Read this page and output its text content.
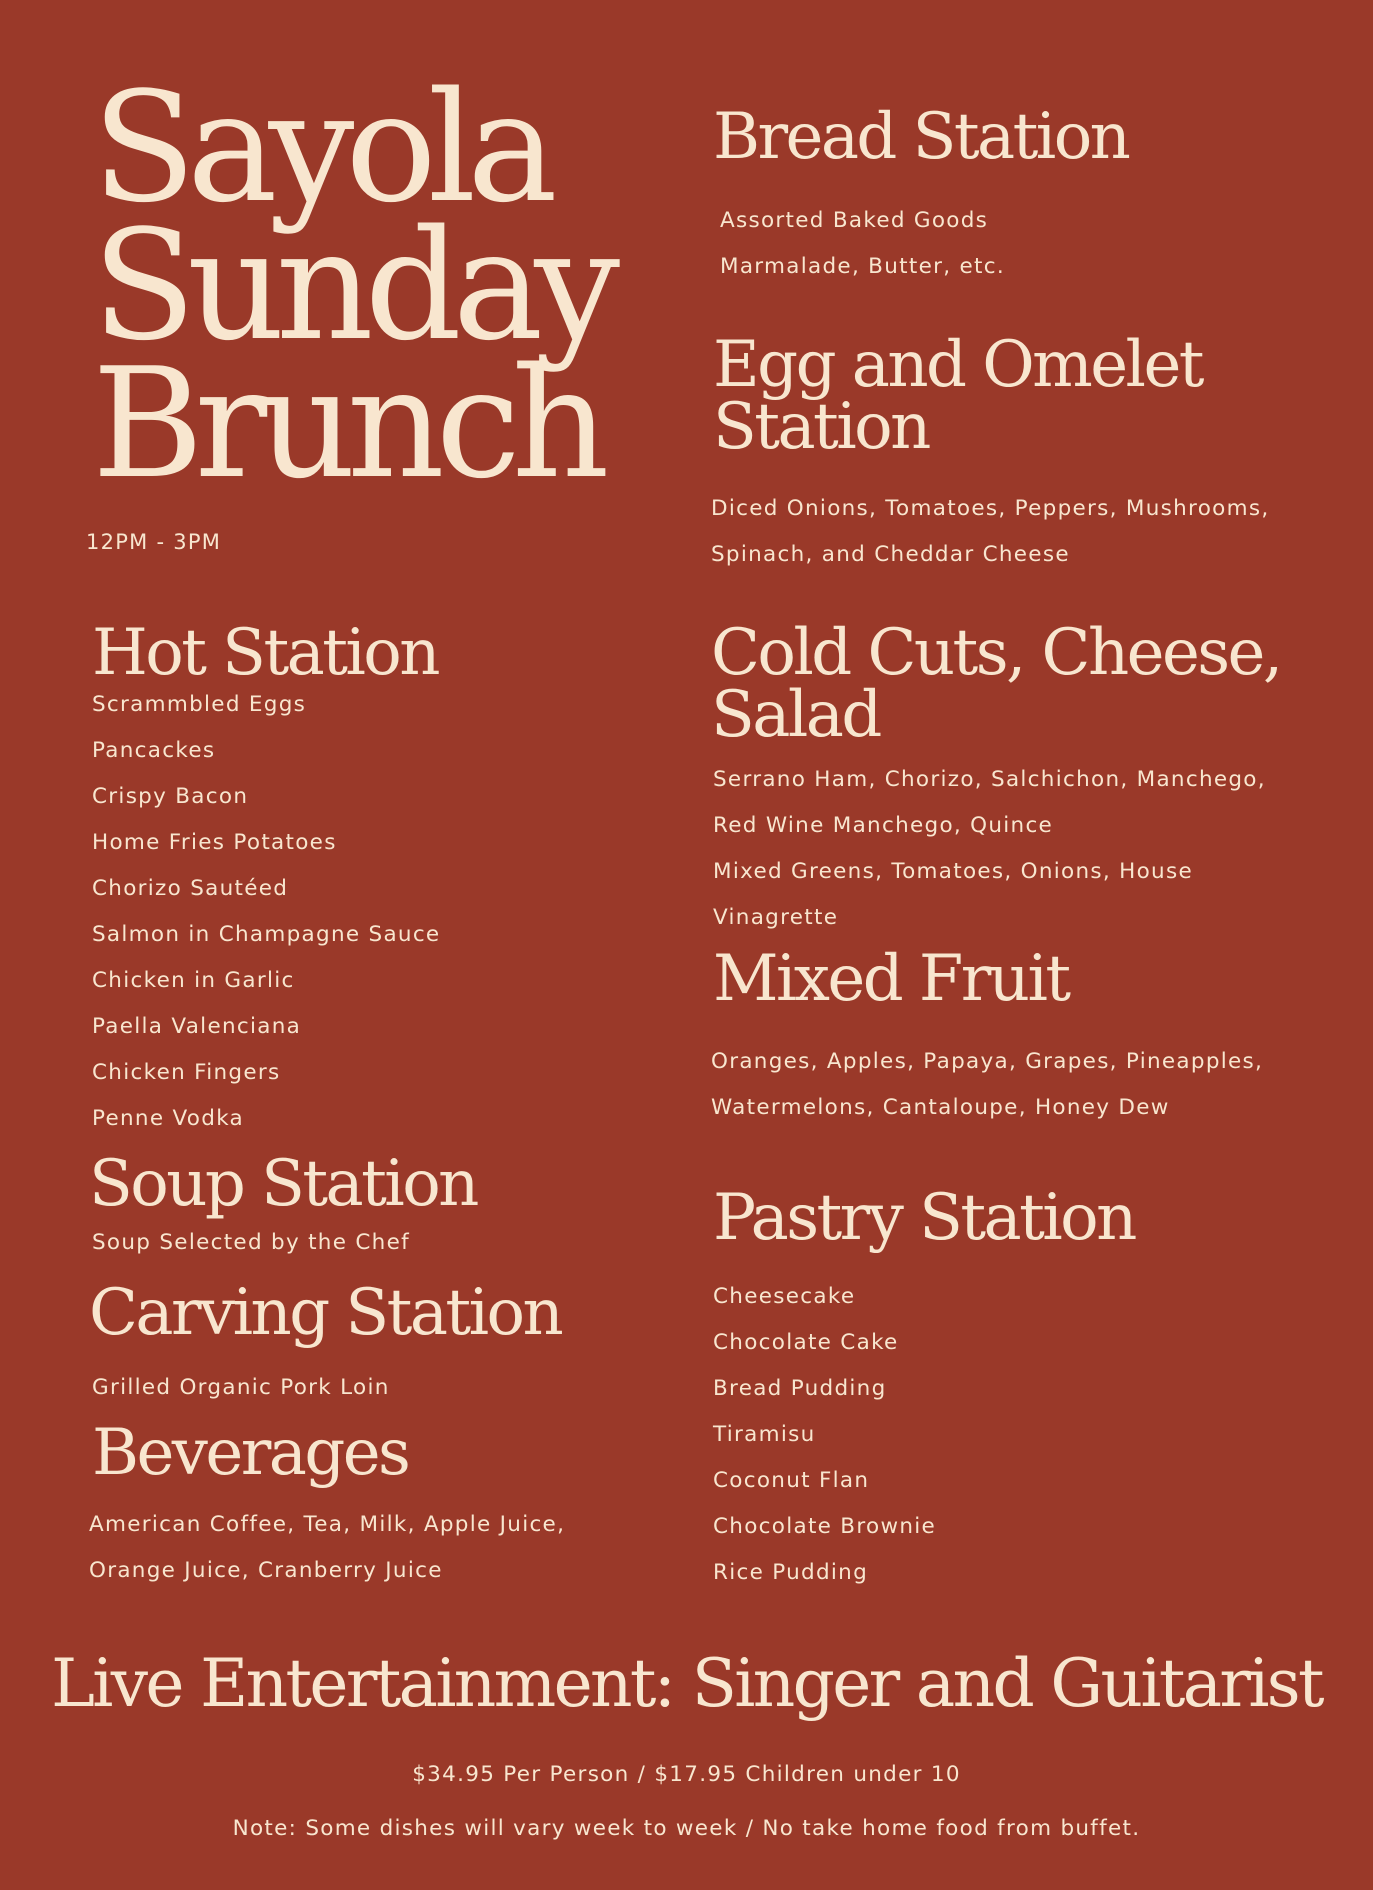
Sayola
Sunday
Brunch
12PM - 3PM
Bread Station
Assorted Baked Goods
Marmalade, Butter, etc.
Egg and Omelet
Station
Diced Onions, Tomatoes, Peppers, Mushrooms,
Spinach, and Cheddar Cheese
Hot Station
Scrammbled Eggs
Pancackes
Crispy Bacon
Home Fries Potatoes
Chorizo Sautéed
Salmon in Champagne Sauce
Chicken in Garlic
Paella Valenciana
Chicken Fingers
Penne Vodka
Cold Cuts, Cheese,
Salad
Serrano Ham, Chorizo, Salchichon, Manchego,
Red Wine Manchego, Quince
Mixed Greens, Tomatoes, Onions, House
Vinagrette
Mixed Fruit
Oranges, Apples, Papaya, Grapes, Pineapples,
Watermelons, Cantaloupe, Honey Dew
Soup Station
Soup Selected by the Chef
Carving Station
Grilled Organic Pork Loin
Pastry Station
Cheesecake
Chocolate Cake
Bread Pudding
Tiramisu
Coconut Flan
Chocolate Brownie
Rice Pudding
Beverages
American Coffee, Tea, Milk, Apple Juice,
Orange Juice, Cranberry Juice
Live Entertainment: Singer and Guitarist
$34.95 Per Person / $17.95 Children under 10
Note: Some dishes will vary week to week / No take home food from buffet.
